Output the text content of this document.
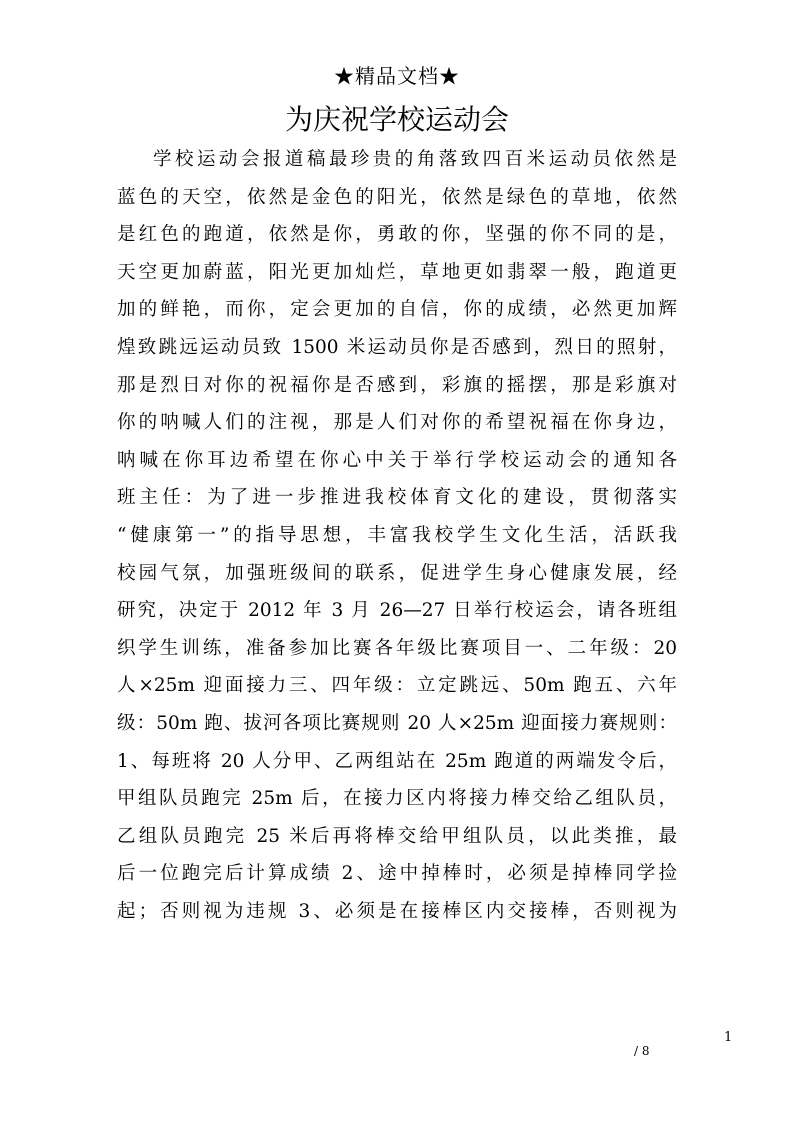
★精品文档★
为庆祝学校运动会
学校运动会报道稿最珍贵的角落致四百米运动员依然是
蓝色的天空，依然是金色的阳光，依然是绿色的草地，依然
是红色的跑道，依然是你，勇敢的你，坚强的你不同的是，
天空更加蔚蓝，阳光更加灿烂，草地更如翡翠一般，跑道更
加的鲜艳，而你，定会更加的自信，你的成绩，必然更加辉
煌致跳远运动员致 1500 米运动员你是否感到，烈日的照射，
那是烈日对你的祝福你是否感到，彩旗的摇摆，那是彩旗对
你的呐喊人们的注视，那是人们对你的希望祝福在你身边，
呐喊在你耳边希望在你心中关于举行学校运动会的通知各
班主任：为了进一步推进我校体育文化的建设，贯彻落实
“健康第一”的指导思想，丰富我校学生文化生活，活跃我
校园气氛，加强班级间的联系，促进学生身心健康发展，经
研究，决定于 2012 年 3 月 26—27 日举行校运会，请各班组
织学生训练，准备参加比赛各年级比赛项目一、二年级：20
人×25m 迎面接力三、四年级：立定跳远、50m 跑五、六年
级：50m 跑、拔河各项比赛规则 20 人×25m 迎面接力赛规则：
1、每班将 20 人分甲、乙两组站在 25m 跑道的两端发令后，
甲组队员跑完 25m 后，在接力区内将接力棒交给乙组队员，
乙组队员跑完 25 米后再将棒交给甲组队员，以此类推，最
后一位跑完后计算成绩 2、途中掉棒时，必须是掉棒同学捡
起；否则视为违规 3、必须是在接棒区内交接棒，否则视为
1
/ 8
